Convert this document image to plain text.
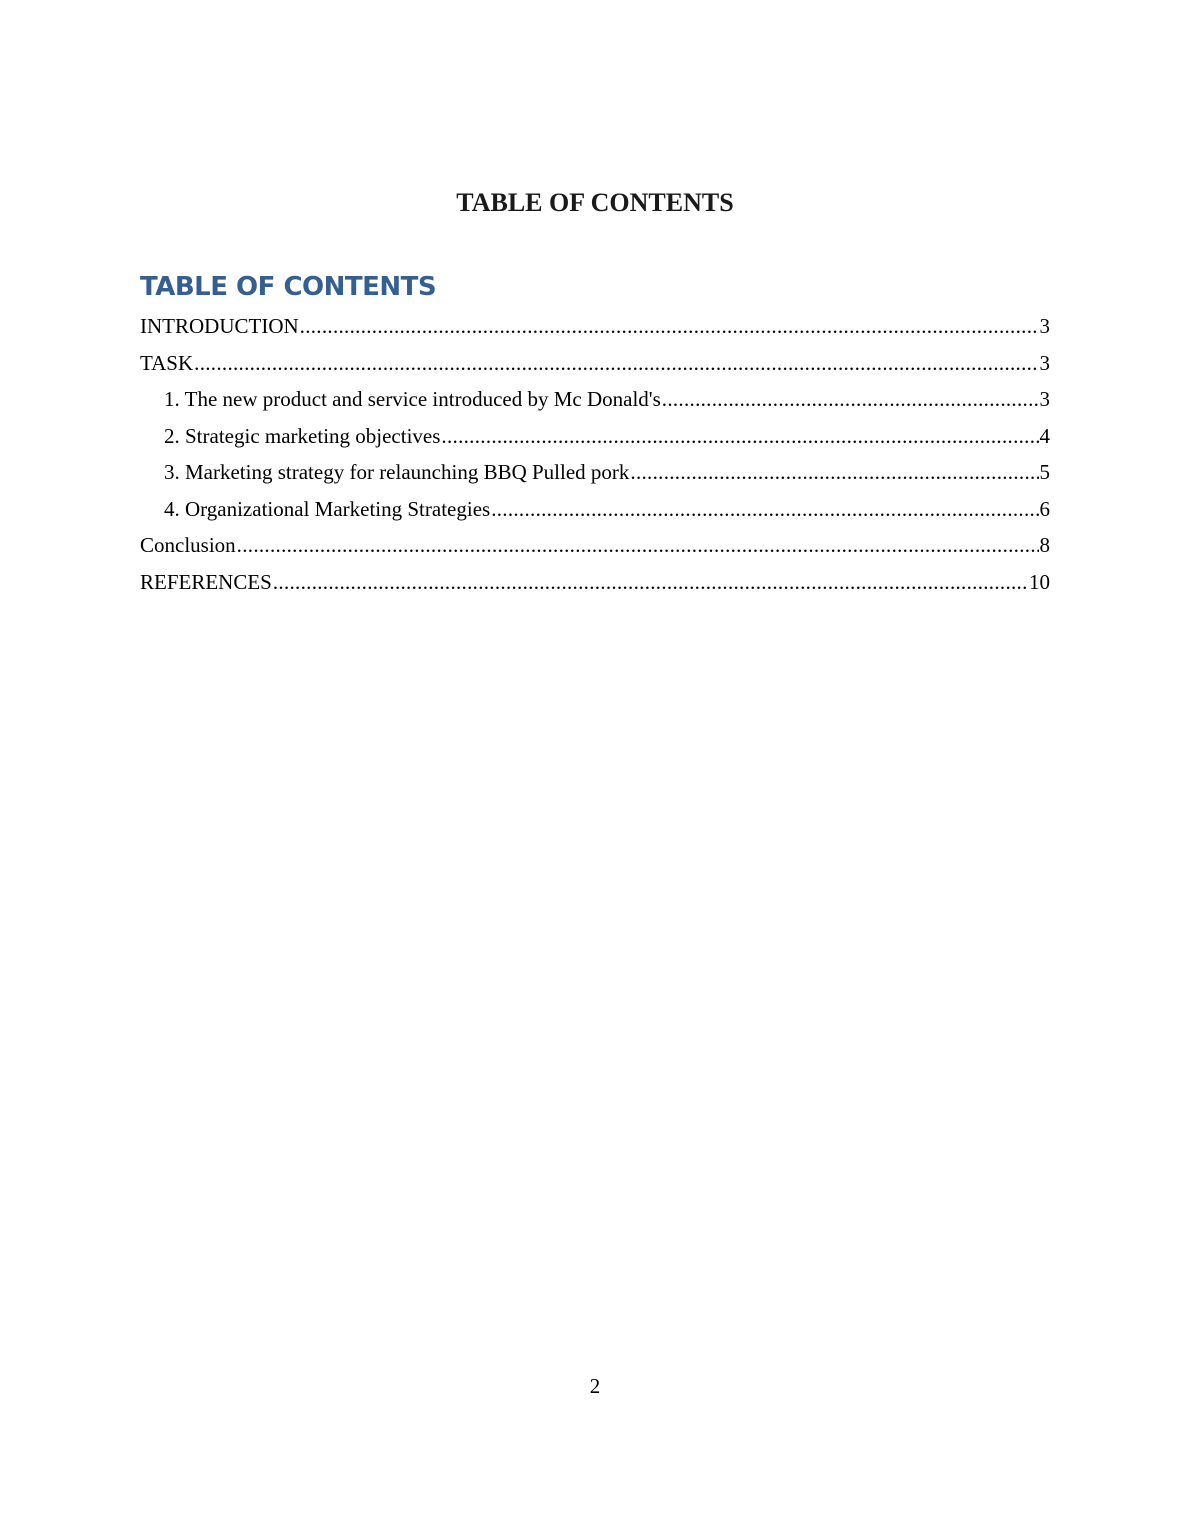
TABLE OF CONTENTS
TABLE OF CONTENTS
INTRODUCTION .....	3
TASK .....	3
1. The new product and service introduced by Mc Donald's .....	3
2. Strategic marketing objectives .....	4
3. Marketing strategy for relaunching BBQ Pulled pork .....	5
4. Organizational Marketing Strategies .....	6
Conclusion .....	8
REFERENCES .....	10
2
